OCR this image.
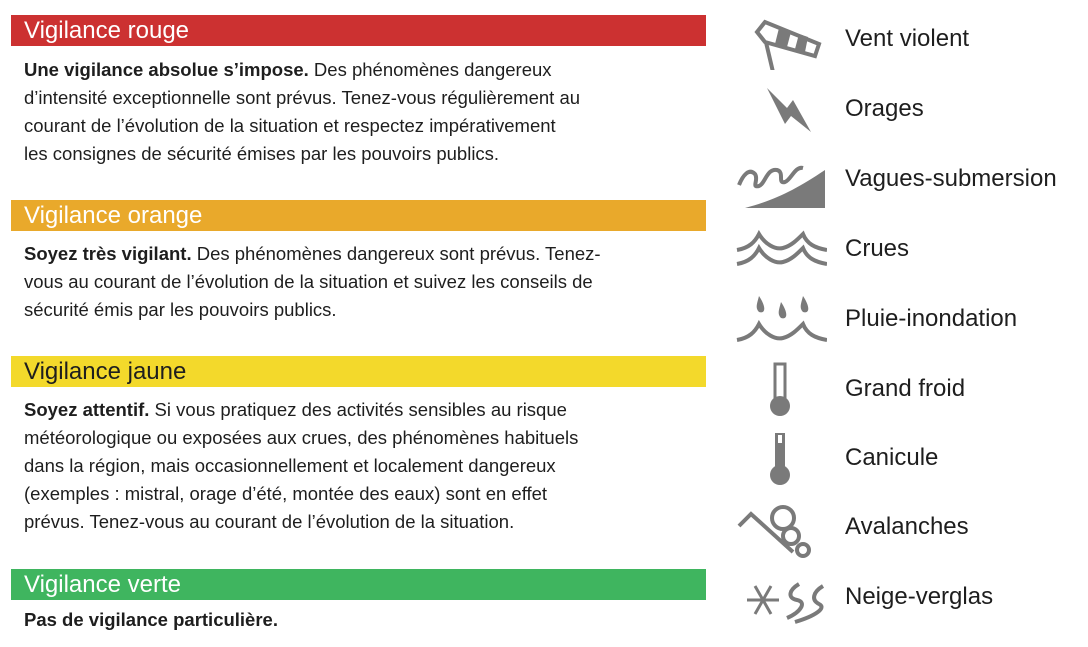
Vigilance rouge
Une vigilance absolue s’impose. Des phénomènes dangereux
d’intensité exceptionnelle sont prévus. Tenez-vous régulièrement au
courant de l’évolution de la situation et respectez impérativement
les consignes de sécurité émises par les pouvoirs publics.
Vigilance orange
Soyez très vigilant. Des phénomènes dangereux sont prévus. Tenez-
vous au courant de l’évolution de la situation et suivez les conseils de
sécurité émis par les pouvoirs publics.
Vigilance jaune
Soyez attentif. Si vous pratiquez des activités sensibles au risque
météorologique ou exposées aux crues, des phénomènes habituels
dans la région, mais occasionnellement et localement dangereux
(exemples : mistral, orage d’été, montée des eaux) sont en effet
prévus. Tenez-vous au courant de l’évolution de la situation.
Vigilance verte
Pas de vigilance particulière.
Vent violent
Orages
Vagues-submersion
Crues
Pluie-inondation
Grand froid
Canicule
Avalanches
Neige-verglas
